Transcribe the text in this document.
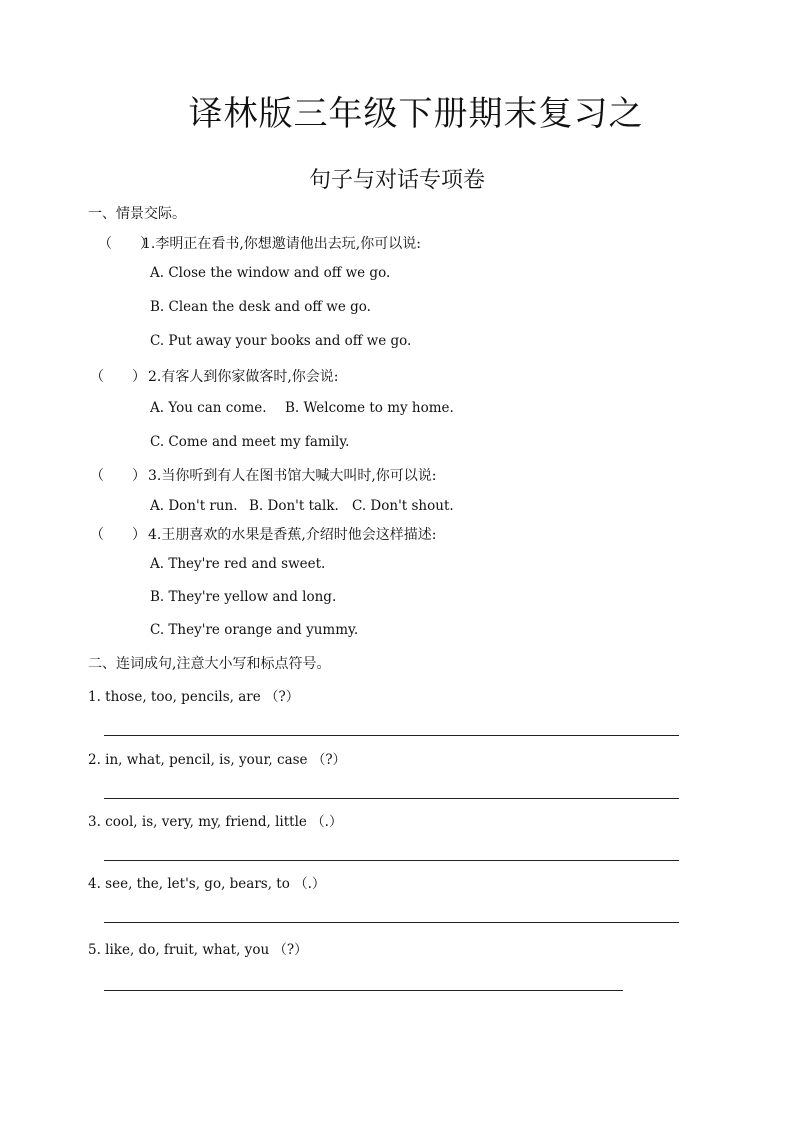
译林版三年级下册期末复习之
句子与对话专项卷
一、情景交际。
（　　）1.李明正在看书,你想邀请他出去玩,你可以说:
A. Close the window and off we go.
B. Clean the desk and off we go.
C. Put away your books and off we go.
（　　） 2.有客人到你家做客时,你会说:
A. You can come. B. Welcome to my home.
C. Come and meet my family.
（　　） 3.当你听到有人在图书馆大喊大叫时,你可以说:
A. Don't run. B. Don't talk. C. Don't shout.
（　　） 4.王朋喜欢的水果是香蕉,介绍时他会这样描述:
A. They're red and sweet.
B. They're yellow and long.
C. They're orange and yummy.
二、连词成句,注意大小写和标点符号。
1. those, too, pencils, are （?）
2. in, what, pencil, is, your, case （?）
3. cool, is, very, my, friend, little （.）
4. see, the, let's, go, bears, to （.）
5. like, do, fruit, what, you （?）
